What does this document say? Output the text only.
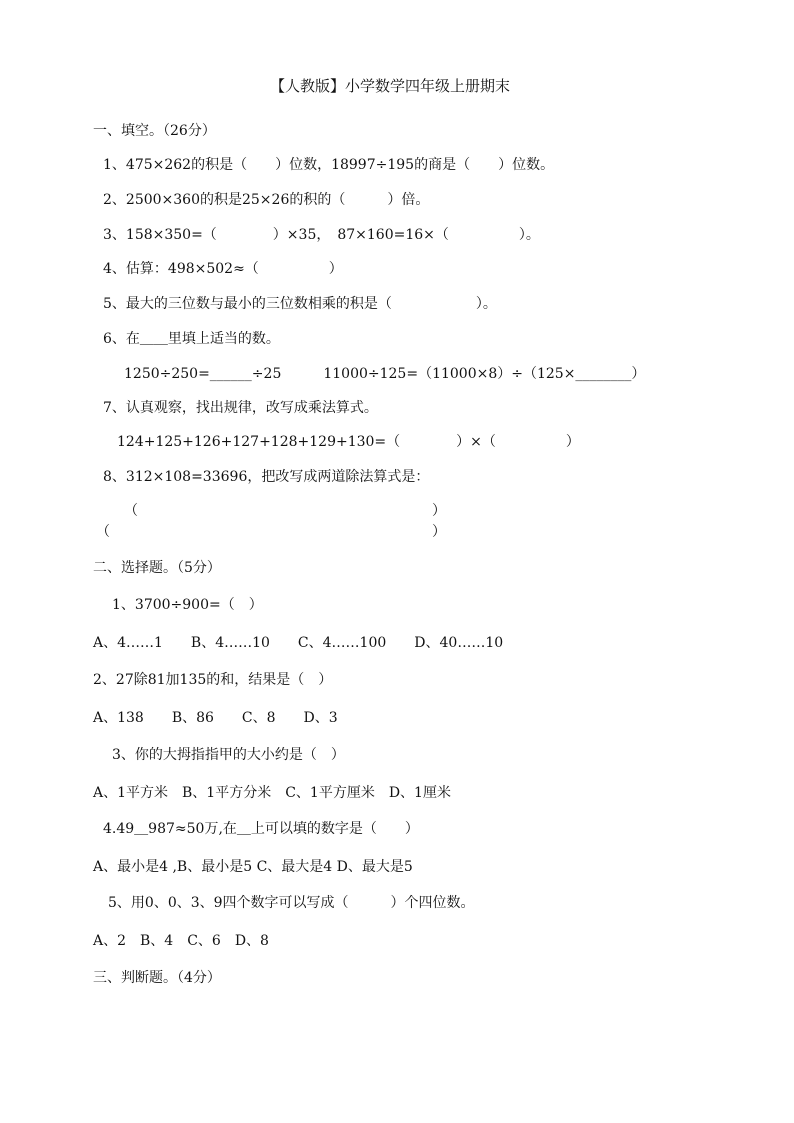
【人教版】小学数学四年级上册期末
一、填空。（26分）
1、475×262的积是（　　）位数，18997÷195的商是（　　）位数。
2、2500×360的积是25×26的积的（　　　）倍。
3、158×350=（　　　　）×35，　87×160=16×（　　　　　）。
4、估算：498×502≈（　　　　　）
5、最大的三位数与最小的三位数相乘的积是（　　　　　　）。
6、在＿＿里填上适当的数。
1250÷250=______÷25　　　11000÷125=（11000×8）÷（125×________）
7、认真观察，找出规律，改写成乘法算式。
124+125+126+127+128+129+130=（　　　　）×（　　　　　）
8、312×108=33696，把改写成两道除法算式是：
（　　　　　　　　　　　　　　　　　　　　　）
（　　　　　　　　　　　　　　　　　　　　　　　）
二、选择题。（5分）
1、3700÷900=（　）
A、4……1　　B、4……10　　C、4……100　　D、40……10
2、27除81加135的和，结果是（　）
A、138　　B、86　　C、8　　D、3
3、你的大拇指指甲的大小约是（　）
A、1平方米　B、1平方分米　C、1平方厘米　D、1厘米
4.49＿987≈50万,在＿上可以填的数字是（　　）
A、最小是4 ,B、最小是5 C、最大是4 D、最大是5
5、用0、0、3、9四个数字可以写成（　　　）个四位数。
A、2　B、4　C、6　D、8
三、判断题。（4分）
